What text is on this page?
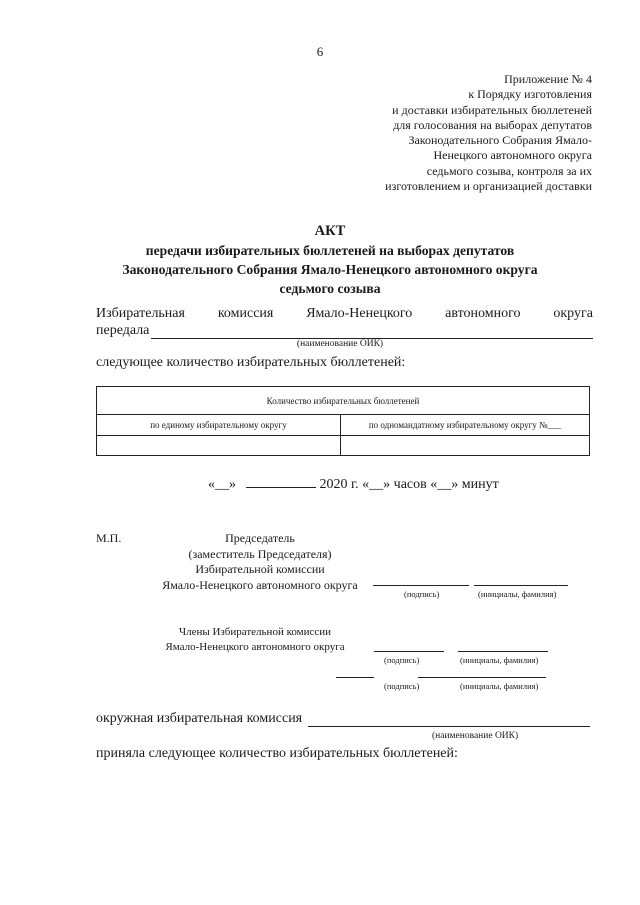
6
Приложение № 4
к Порядку изготовления
и доставки избирательных бюллетеней
для голосования на выборах депутатов
Законодательного Собрания Ямало-
Ненецкого автономного округа
седьмого созыва, контроля за их
изготовлением и организацией доставки
АКТ
передачи избирательных бюллетеней на выборах депутатов
Законодательного Собрания Ямало-Ненецкого автономного округа
седьмого созыва
Избирательная комиссия Ямало-Ненецкого автономного округа
передала
(наименование ОИК)
следующее количество избирательных бюллетеней:
Количество избирательных бюллетеней	
по единому избирательному округу	по одномандатному избирательному округу №___

«__»	2020 г. «__» часов «__» минут
М.П.	Председатель
(заместитель Председателя)
Избирательной комиссии
Ямало-Ненецкого автономного округа
(подпись)	(инициалы, фамилия)
Члены Избирательной комиссии
Ямало-Ненецкого автономного округа
(подпись)	(инициалы, фамилия)
(подпись)	(инициалы, фамилия)
окружная избирательная комиссия
(наименование ОИК)
приняла следующее количество избирательных бюллетеней:
